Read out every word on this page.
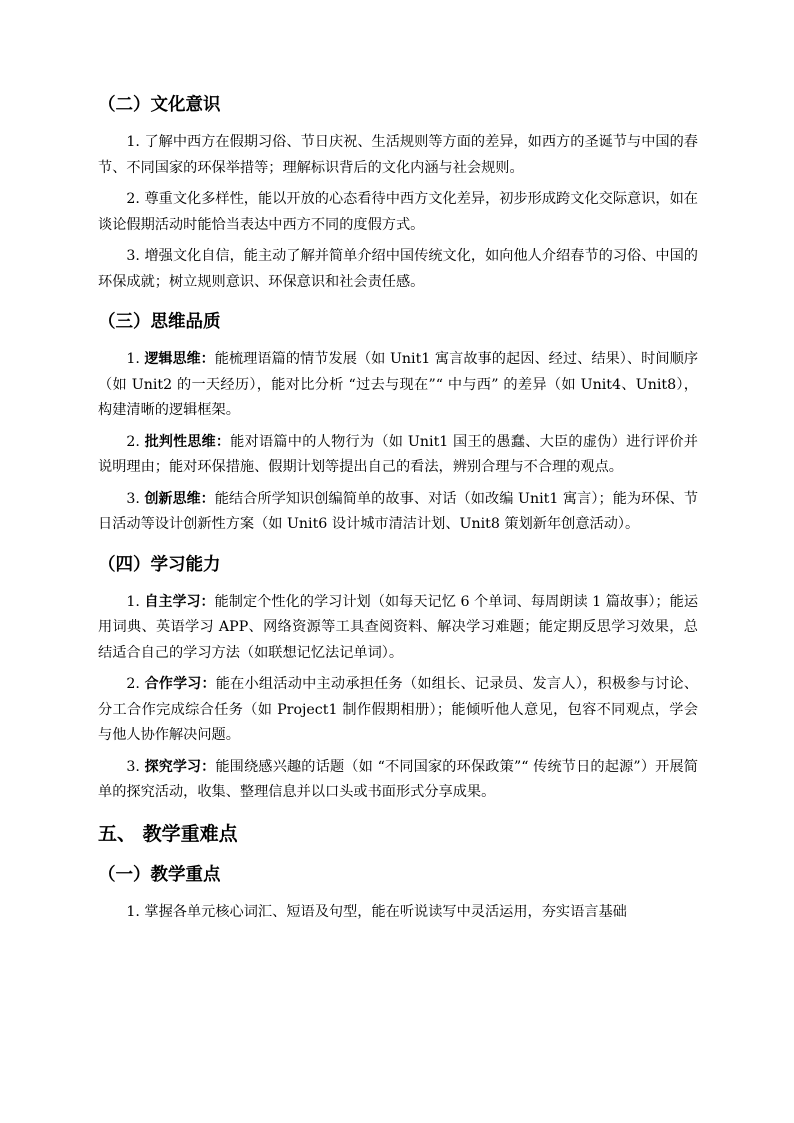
（二）文化意识

1. 了解中西方在假期习俗、节日庆祝、生活规则等方面的差异，如西方的圣诞节与中国的春节、不同国家的环保举措等；理解标识背后的文化内涵与社会规则。

2. 尊重文化多样性，能以开放的心态看待中西方文化差异，初步形成跨文化交际意识，如在谈论假期活动时能恰当表达中西方不同的度假方式。

3. 增强文化自信，能主动了解并简单介绍中国传统文化，如向他人介绍春节的习俗、中国的环保成就；树立规则意识、环保意识和社会责任感。

（三）思维品质

1. 逻辑思维：能梳理语篇的情节发展（如 Unit1 寓言故事的起因、经过、结果）、时间顺序（如 Unit2 的一天经历），能对比分析 “过去与现在”“ 中与西” 的差异（如 Unit4、Unit8），构建清晰的逻辑框架。

2. 批判性思维：能对语篇中的人物行为（如 Unit1 国王的愚蠢、大臣的虚伪）进行评价并说明理由；能对环保措施、假期计划等提出自己的看法，辨别合理与不合理的观点。

3. 创新思维：能结合所学知识创编简单的故事、对话（如改编 Unit1 寓言）；能为环保、节日活动等设计创新性方案（如 Unit6 设计城市清洁计划、Unit8 策划新年创意活动）。

（四）学习能力

1. 自主学习：能制定个性化的学习计划（如每天记忆 6 个单词、每周朗读 1 篇故事）；能运用词典、英语学习 APP、网络资源等工具查阅资料、解决学习难题；能定期反思学习效果，总结适合自己的学习方法（如联想记忆法记单词）。

2. 合作学习：能在小组活动中主动承担任务（如组长、记录员、发言人），积极参与讨论、分工合作完成综合任务（如 Project1 制作假期相册）；能倾听他人意见，包容不同观点，学会与他人协作解决问题。

3. 探究学习：能围绕感兴趣的话题（如 “不同国家的环保政策”“ 传统节日的起源”）开展简单的探究活动，收集、整理信息并以口头或书面形式分享成果。

五、 教学重难点
（一）教学重点

1. 掌握各单元核心词汇、短语及句型，能在听说读写中灵活运用，夯实语言基础
